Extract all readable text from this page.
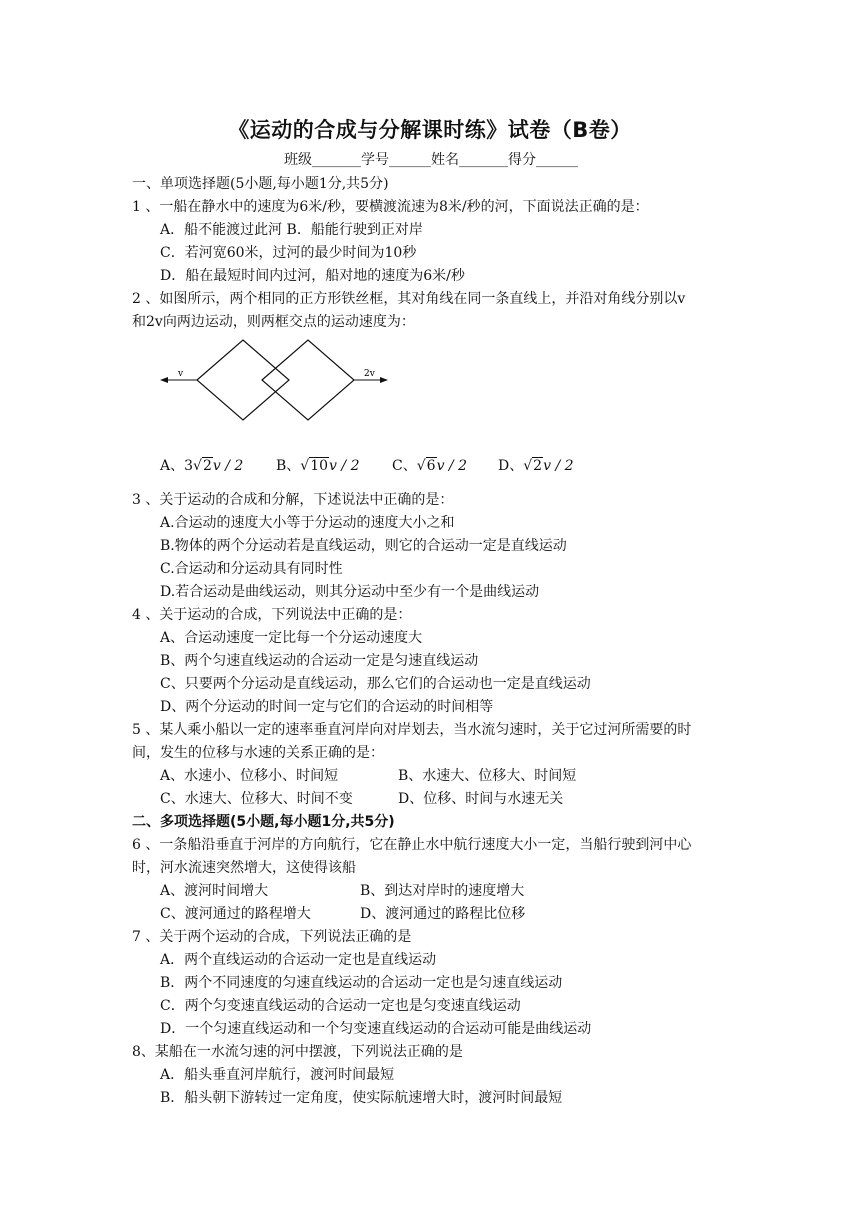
《运动的合成与分解课时练》试卷（B卷）
班级_______学号______姓名_______得分______
一、单项选择题(5小题,每小题1分,共5分)
1 、一船在静水中的速度为6米/秒，要横渡流速为8米/秒的河，下面说法正确的是：
A．船不能渡过此河 B．船能行驶到正对岸
C．若河宽60米，过河的最少时间为10秒
D．船在最短时间内过河，船对地的速度为6米/秒
2 、如图所示，两个相同的正方形铁丝框，其对角线在同一条直线上，并沿对角线分别以v
和2v向两边运动，则两框交点的运动速度为：
v	2v
A、3√2v / 2 B、√10v / 2 C、√6v / 2 D、√2v / 2
3 、关于运动的合成和分解，下述说法中正确的是：
A.合运动的速度大小等于分运动的速度大小之和
B.物体的两个分运动若是直线运动，则它的合运动一定是直线运动
C.合运动和分运动具有同时性
D.若合运动是曲线运动，则其分运动中至少有一个是曲线运动
4 、关于运动的合成，下列说法中正确的是：
A、合运动速度一定比每一个分运动速度大
B、两个匀速直线运动的合运动一定是匀速直线运动
C、只要两个分运动是直线运动，那么它们的合运动也一定是直线运动
D、两个分运动的时间一定与它们的合运动的时间相等
5 、某人乘小船以一定的速率垂直河岸向对岸划去，当水流匀速时，关于它过河所需要的时
间，发生的位移与水速的关系正确的是：
A、水速小、位移小、时间短	B、水速大、位移大、时间短
C、水速大、位移大、时间不变	D、位移、时间与水速无关
二、多项选择题(5小题,每小题1分,共5分)
6 、一条船沿垂直于河岸的方向航行，它在静止水中航行速度大小一定，当船行驶到河中心
时，河水流速突然增大，这使得该船
A、渡河时间增大	B、到达对岸时的速度增大
C、渡河通过的路程增大	D、渡河通过的路程比位移
7 、关于两个运动的合成，下列说法正确的是
A．两个直线运动的合运动一定也是直线运动
B．两个不同速度的匀速直线运动的合运动一定也是匀速直线运动
C．两个匀变速直线运动的合运动一定也是匀变速直线运动
D．一个匀速直线运动和一个匀变速直线运动的合运动可能是曲线运动
8、某船在一水流匀速的河中摆渡，下列说法正确的是
A．船头垂直河岸航行，渡河时间最短
B．船头朝下游转过一定角度，使实际航速增大时，渡河时间最短
